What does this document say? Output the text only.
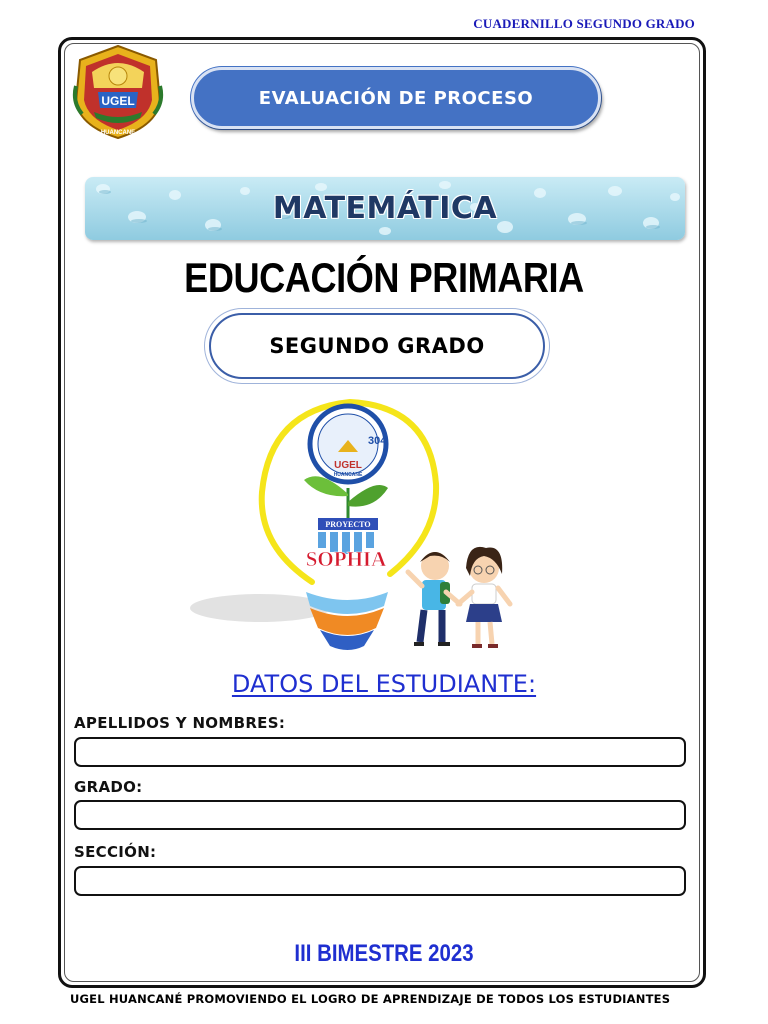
CUADERNILLO SEGUNDO GRADO
UGEL
HUANCANE
EVALUACIÓN DE PROCESO
MATEMÁTICA
EDUCACIÓN PRIMARIA
SEGUNDO GRADO
304
UGEL
HUANCANE
PROYECTO
SOPHIA
DATOS DEL ESTUDIANTE:
APELLIDOS Y NOMBRES:
GRADO:
SECCIÓN:
III BIMESTRE 2023
UGEL HUANCANÉ PROMOVIENDO EL LOGRO DE APRENDIZAJE DE TODOS LOS ESTUDIANTES
